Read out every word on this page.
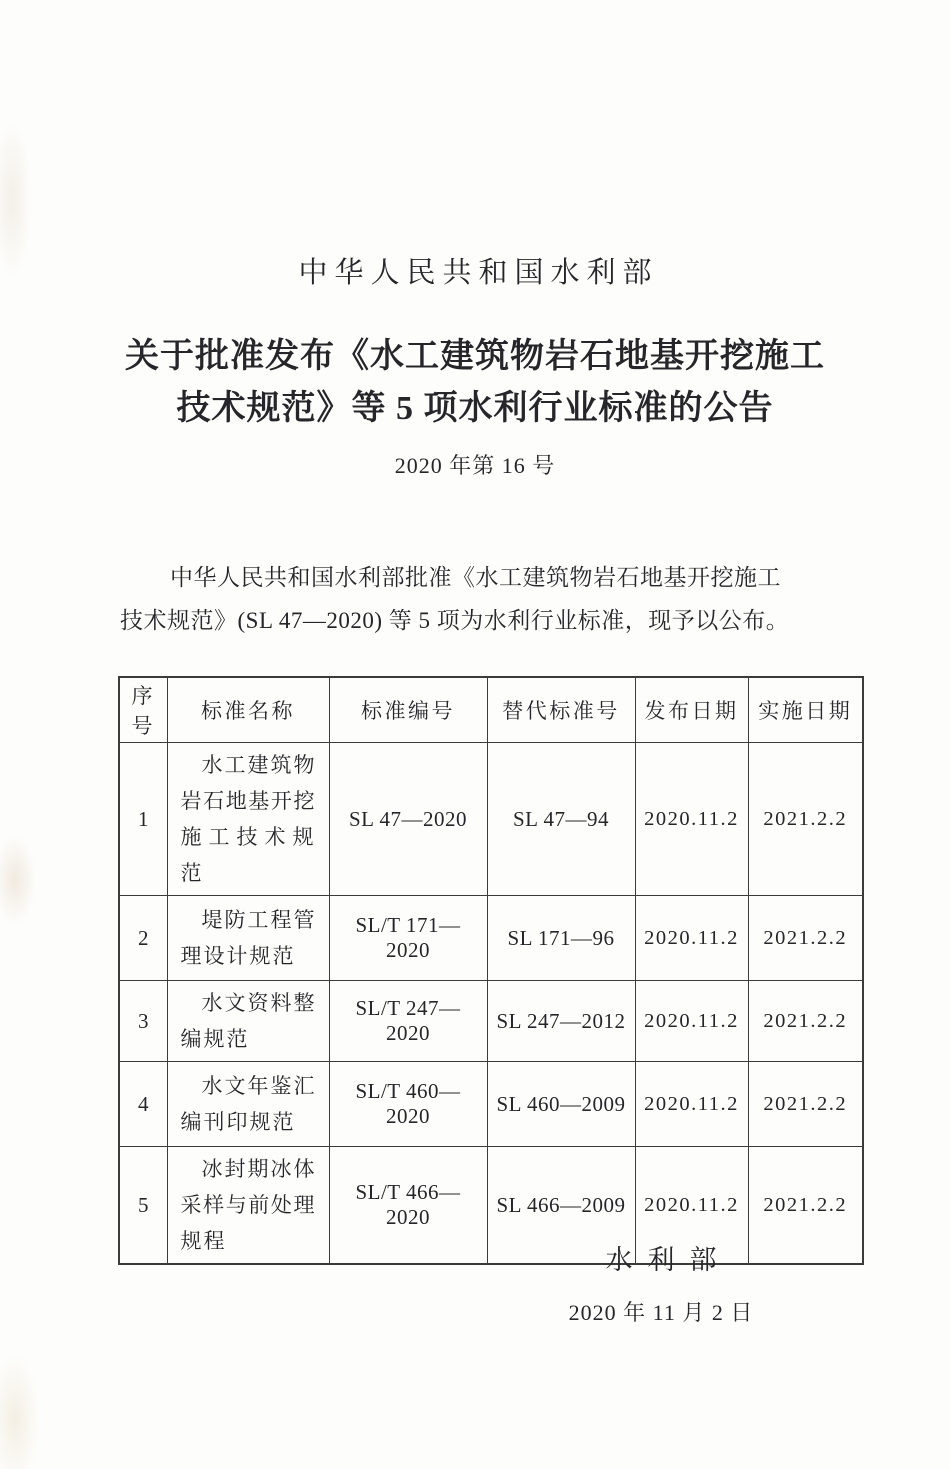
中华人民共和国水利部
关于批准发布《水工建筑物岩石地基开挖施工
技术规范》等 5 项水利行业标准的公告
2020 年第 16 号
中华人民共和国水利部批准《水工建筑物岩石地基开挖施工
技术规范》(SL 47—2020) 等 5 项为水利行业标准，现予以公布。
序号	标准名称	标准编号	替代标准号	发布日期	实施日期
1	水工建筑物
岩石地基开挖
施工技术规范	SL 47—2020	SL 47—94	2020.11.2	2021.2.2
2	堤防工程管
理设计规范	SL/T 171—2020	SL 171—96	2020.11.2	2021.2.2
3	水文资料整
编规范	SL/T 247—2020	SL 247—2012	2020.11.2	2021.2.2
4	水文年鉴汇
编刊印规范	SL/T 460—2020	SL 460—2009	2020.11.2	2021.2.2
5	冰封期冰体
采样与前处理
规程	SL/T 466—2020	SL 466—2009	2020.11.2	2021.2.2
水利部
2020 年 11 月 2 日
